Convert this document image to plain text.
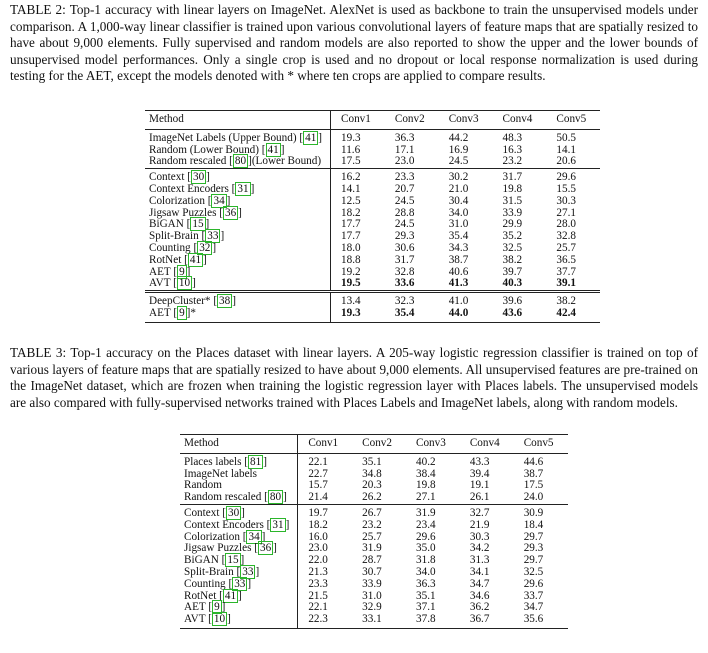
TABLE 2: Top-1 accuracy with linear layers on ImageNet. AlexNet is used as backbone to train the unsupervised models under comparison. A 1,000-way linear classifier is trained upon various convolutional layers of feature maps that are spatially resized to have about 9,000 elements. Fully supervised and random models are also reported to show the upper and the lower bounds of unsupervised model performances. Only a single crop is used and no dropout or local response normalization is used during testing for the AET, except the models denoted with * where ten crops are applied to compare results.
Method	Conv1	Conv2	Conv3	Conv4	Conv5
ImageNet Labels (Upper Bound) [ 41 ]	19.3	36.3	44.2	48.3	50.5
Random (Lower Bound) [ 41 ]	11.6	17.1	16.9	16.3	14.1
Random rescaled [ 80 ](Lower Bound)	17.5	23.0	24.5	23.2	20.6
Context [ 30 ]	16.2	23.3	30.2	31.7	29.6
Context Encoders [ 31 ]	14.1	20.7	21.0	19.8	15.5
Colorization [ 34 ]	12.5	24.5	30.4	31.5	30.3
Jigsaw Puzzles [ 36 ]	18.2	28.8	34.0	33.9	27.1
BiGAN [ 15 ]	17.7	24.5	31.0	29.9	28.0
Split-Brain [ 33 ]	17.7	29.3	35.4	35.2	32.8
Counting [ 32 ]	18.0	30.6	34.3	32.5	25.7
RotNet [ 41 ]	18.8	31.7	38.7	38.2	36.5
AET [ 9 ]	19.2	32.8	40.6	39.7	37.7
AVT [ 10 ]	19.5	33.6	41.3	40.3	39.1
DeepCluster* [ 38 ]	13.4	32.3	41.0	39.6	38.2
AET [ 9 ]*	19.3	35.4	44.0	43.6	42.4
TABLE 3: Top-1 accuracy on the Places dataset with linear layers. A 205-way logistic regression classifier is trained on top of various layers of feature maps that are spatially resized to have about 9,000 elements. All unsupervised features are pre-trained on the ImageNet dataset, which are frozen when training the logistic regression layer with Places labels. The unsupervised models are also compared with fully-supervised networks trained with Places Labels and ImageNet labels, along with random models.
Method	Conv1	Conv2	Conv3	Conv4	Conv5
Places labels [ 81 ]	22.1	35.1	40.2	43.3	44.6
ImageNet labels	22.7	34.8	38.4	39.4	38.7
Random	15.7	20.3	19.8	19.1	17.5
Random rescaled [ 80 ]	21.4	26.2	27.1	26.1	24.0
Context [ 30 ]	19.7	26.7	31.9	32.7	30.9
Context Encoders [ 31 ]	18.2	23.2	23.4	21.9	18.4
Colorization [ 34 ]	16.0	25.7	29.6	30.3	29.7
Jigsaw Puzzles [ 36 ]	23.0	31.9	35.0	34.2	29.3
BiGAN [ 15 ]	22.0	28.7	31.8	31.3	29.7
Split-Brain [ 33 ]	21.3	30.7	34.0	34.1	32.5
Counting [ 33 ]	23.3	33.9	36.3	34.7	29.6
RotNet [ 41 ]	21.5	31.0	35.1	34.6	33.7
AET [ 9 ]	22.1	32.9	37.1	36.2	34.7
AVT [ 10 ]	22.3	33.1	37.8	36.7	35.6
